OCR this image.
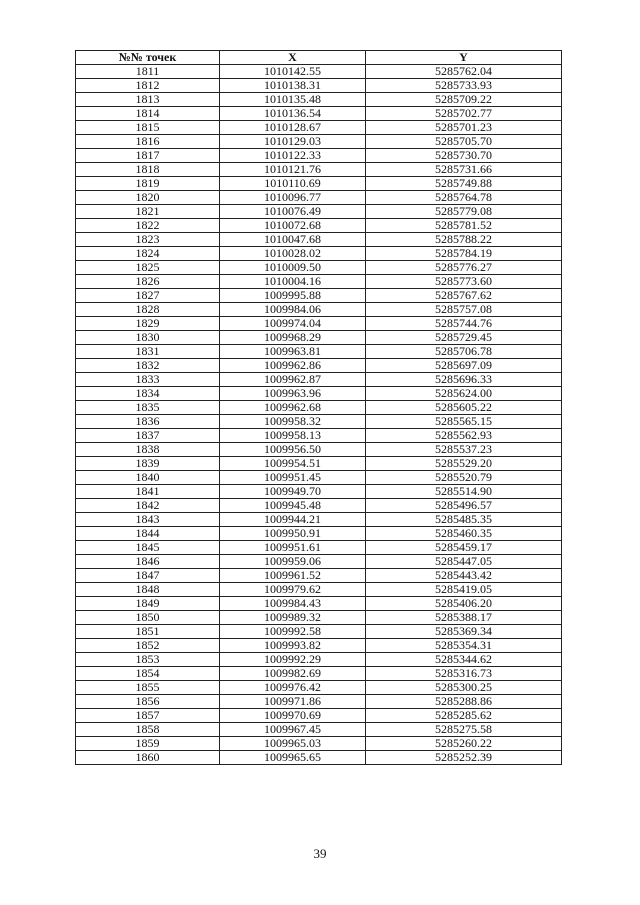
№№ точек	X	Y
1811	1010142.55	5285762.04
1812	1010138.31	5285733.93
1813	1010135.48	5285709.22
1814	1010136.54	5285702.77
1815	1010128.67	5285701.23
1816	1010129.03	5285705.70
1817	1010122.33	5285730.70
1818	1010121.76	5285731.66
1819	1010110.69	5285749.88
1820	1010096.77	5285764.78
1821	1010076.49	5285779.08
1822	1010072.68	5285781.52
1823	1010047.68	5285788.22
1824	1010028.02	5285784.19
1825	1010009.50	5285776.27
1826	1010004.16	5285773.60
1827	1009995.88	5285767.62
1828	1009984.06	5285757.08
1829	1009974.04	5285744.76
1830	1009968.29	5285729.45
1831	1009963.81	5285706.78
1832	1009962.86	5285697.09
1833	1009962.87	5285696.33
1834	1009963.96	5285624.00
1835	1009962.68	5285605.22
1836	1009958.32	5285565.15
1837	1009958.13	5285562.93
1838	1009956.50	5285537.23
1839	1009954.51	5285529.20
1840	1009951.45	5285520.79
1841	1009949.70	5285514.90
1842	1009945.48	5285496.57
1843	1009944.21	5285485.35
1844	1009950.91	5285460.35
1845	1009951.61	5285459.17
1846	1009959.06	5285447.05
1847	1009961.52	5285443.42
1848	1009979.62	5285419.05
1849	1009984.43	5285406.20
1850	1009989.32	5285388.17
1851	1009992.58	5285369.34
1852	1009993.82	5285354.31
1853	1009992.29	5285344.62
1854	1009982.69	5285316.73
1855	1009976.42	5285300.25
1856	1009971.86	5285288.86
1857	1009970.69	5285285.62
1858	1009967.45	5285275.58
1859	1009965.03	5285260.22
1860	1009965.65	5285252.39
39
